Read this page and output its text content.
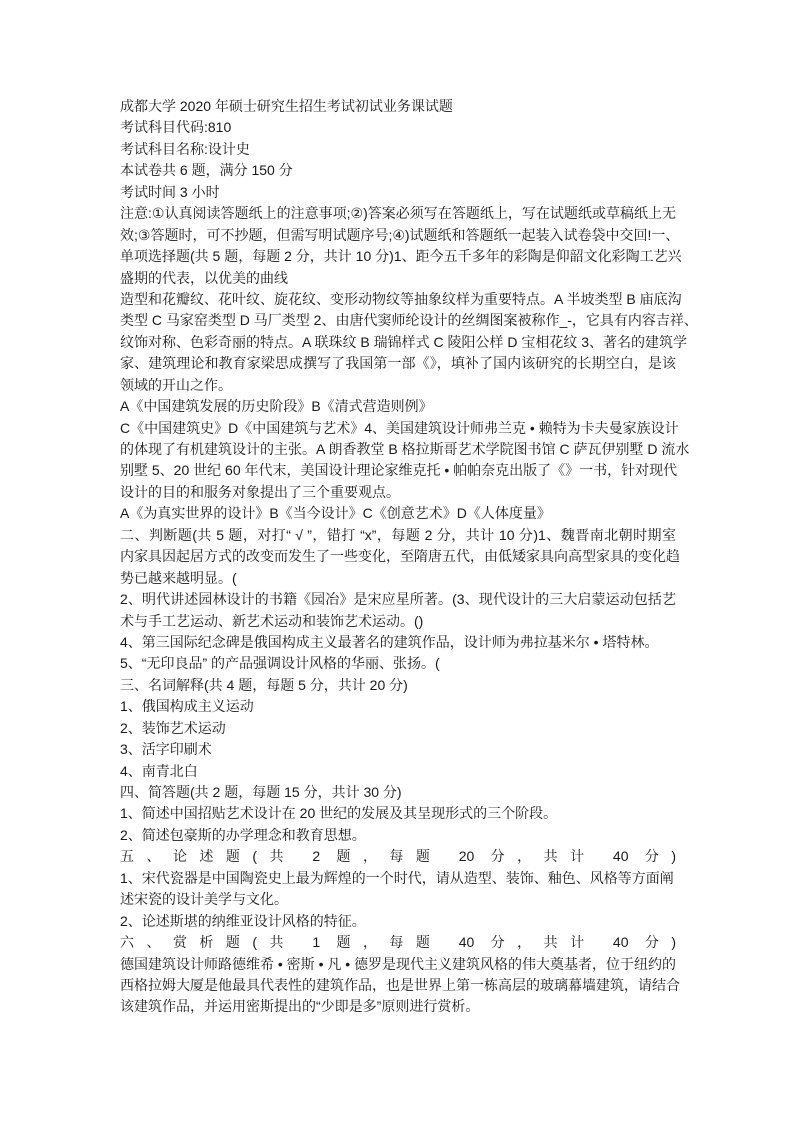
成都大学 2020 年硕士研究生招生考试初试业务课试题
考试科目代码:810
考试科目名称:设计史
本试卷共 6 题，满分 150 分
考试时间 3 小时
注意:①认真阅读答题纸上的注意事项;②)答案必须写在答题纸上，写在试题纸或草稿纸上无
效;③答题时，可不抄题，但需写明试题序号;④)试题纸和答题纸一起装入试卷袋中交回!一、
单项选择题(共 5 题，每题 2 分，共计 10 分)1、距今五千多年的彩陶是仰韶文化彩陶工艺兴
盛期的代表，以优美的曲线
造型和花瓣纹、花叶纹、旋花纹、变形动物纹等抽象纹样为重要特点。A 半坡类型 B 庙底沟
类型 C 马家窑类型 D 马厂类型 2、由唐代窦师纶设计的丝绸图案被称作_-，它具有内容吉祥、
纹饰对称、色彩奇丽的特点。A 联珠纹 B 瑞锦样式 C 陵阳公样 D 宝相花纹 3、著名的建筑学
家、建筑理论和教育家梁思成撰写了我国第一部《》，填补了国内该研究的长期空白，是该
领域的开山之作。
A《中国建筑发展的历史阶段》B《清式营造则例》
C《中国建筑史》D《中国建筑与艺术》4、美国建筑设计师弗兰克 • 赖特为卡夫曼家族设计
的体现了有机建筑设计的主张。A 朗香教堂 B 格拉斯哥艺术学院图书馆 C 萨瓦伊别墅 D 流水
别墅 5、20 世纪 60 年代末，美国设计理论家维克托 • 帕帕奈克出版了《》一书，针对现代
设计的目的和服务对象提出了三个重要观点。
A《为真实世界的设计》B《当今设计》C《创意艺术》D《人体度量》
二、判断题(共 5 题，对打“ √ ”，错打 “x”，每题 2 分，共计 10 分)1、魏晋南北朝时期室
内家具因起居方式的改变而发生了一些变化，至隋唐五代，由低矮家具向高型家具的变化趋
势已越来越明显。(
2、明代讲述园林设计的书籍《园冶》是宋应星所著。(3、现代设计的三大启蒙运动包括艺
术与手工艺运动、新艺术运动和装饰艺术运动。()
4、第三国际纪念碑是俄国构成主义最著名的建筑作品，设计师为弗拉基米尔 • 塔特林。
5、“无印良品” 的产品强调设计风格的华丽、张扬。(
三、名词解释(共 4 题，每题 5 分，共计 20 分)
1、俄国构成主义运动
2、装饰艺术运动
3、活字印刷术
4、南青北白
四、简答题(共 2 题，每题 15 分，共计 30 分)
1、简述中国招贴艺术设计在 20 世纪的发展及其呈现形式的三个阶段。
2、简述包豪斯的办学理念和教育思想。
五、论述题(共 2 题，每题 20 分，共计 40 分)
1、宋代瓷器是中国陶瓷史上最为辉煌的一个时代，请从造型、装饰、釉色、风格等方面阐
述宋瓷的设计美学与文化。
2、论述斯堪的纳维亚设计风格的特征。
六、赏析题(共 1 题，每题 40 分，共计 40 分)
德国建筑设计师路德维希 • 密斯 • 凡 • 德罗是现代主义建筑风格的伟大奠基者，位于纽约的
西格拉姆大厦是他最具代表性的建筑作品，也是世界上第一栋高层的玻璃幕墙建筑，请结合
该建筑作品，并运用密斯提出的“少即是多”原则进行赏析。
